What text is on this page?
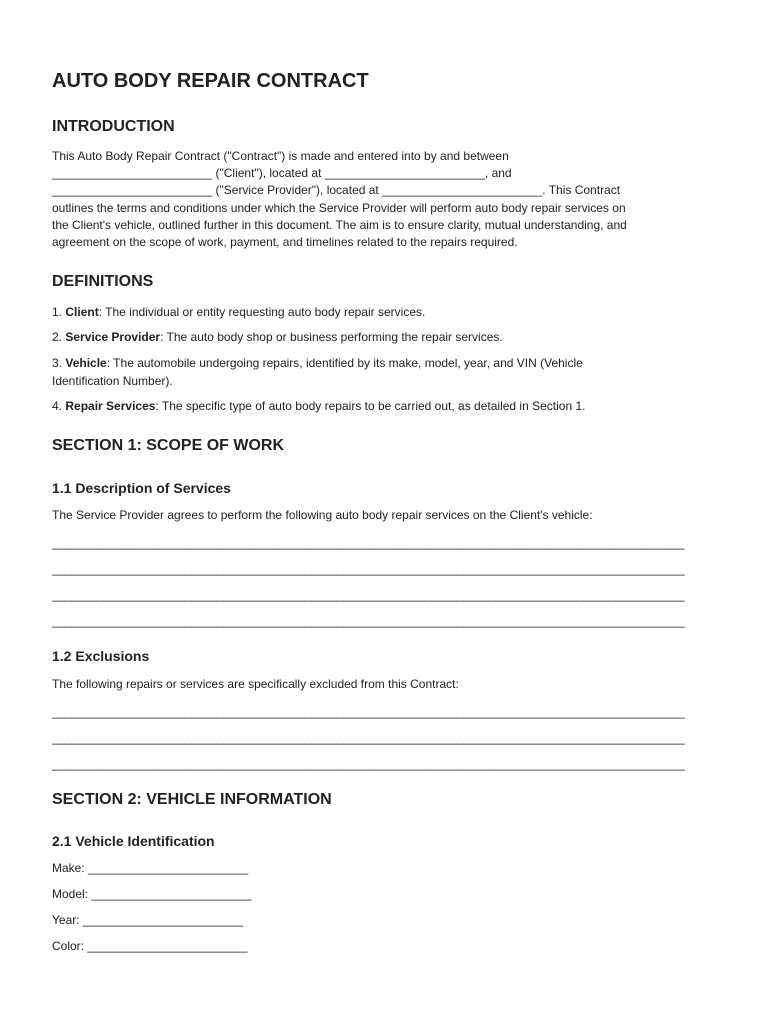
AUTO BODY REPAIR CONTRACT
INTRODUCTION
This Auto Body Repair Contract ("Contract") is made and entered into by and between
________________________ ("Client"), located at ________________________, and
________________________ ("Service Provider"), located at ________________________. This Contract
outlines the terms and conditions under which the Service Provider will perform auto body repair services on
the Client's vehicle, outlined further in this document. The aim is to ensure clarity, mutual understanding, and
agreement on the scope of work, payment, and timelines related to the repairs required.
DEFINITIONS
1. Client: The individual or entity requesting auto body repair services.
2. Service Provider: The auto body shop or business performing the repair services.
3. Vehicle: The automobile undergoing repairs, identified by its make, model, year, and VIN (Vehicle
Identification Number).
4. Repair Services: The specific type of auto body repairs to be carried out, as detailed in Section 1.
SECTION 1: SCOPE OF WORK
1.1 Description of Services
The Service Provider agrees to perform the following auto body repair services on the Client's vehicle:
____________________________________________________________________________________________________
____________________________________________________________________________________________________
____________________________________________________________________________________________________
____________________________________________________________________________________________________
1.2 Exclusions
The following repairs or services are specifically excluded from this Contract:
____________________________________________________________________________________________________
____________________________________________________________________________________________________
____________________________________________________________________________________________________
SECTION 2: VEHICLE INFORMATION
2.1 Vehicle Identification
Make: ________________________
Model: ________________________
Year: ________________________
Color: ________________________
